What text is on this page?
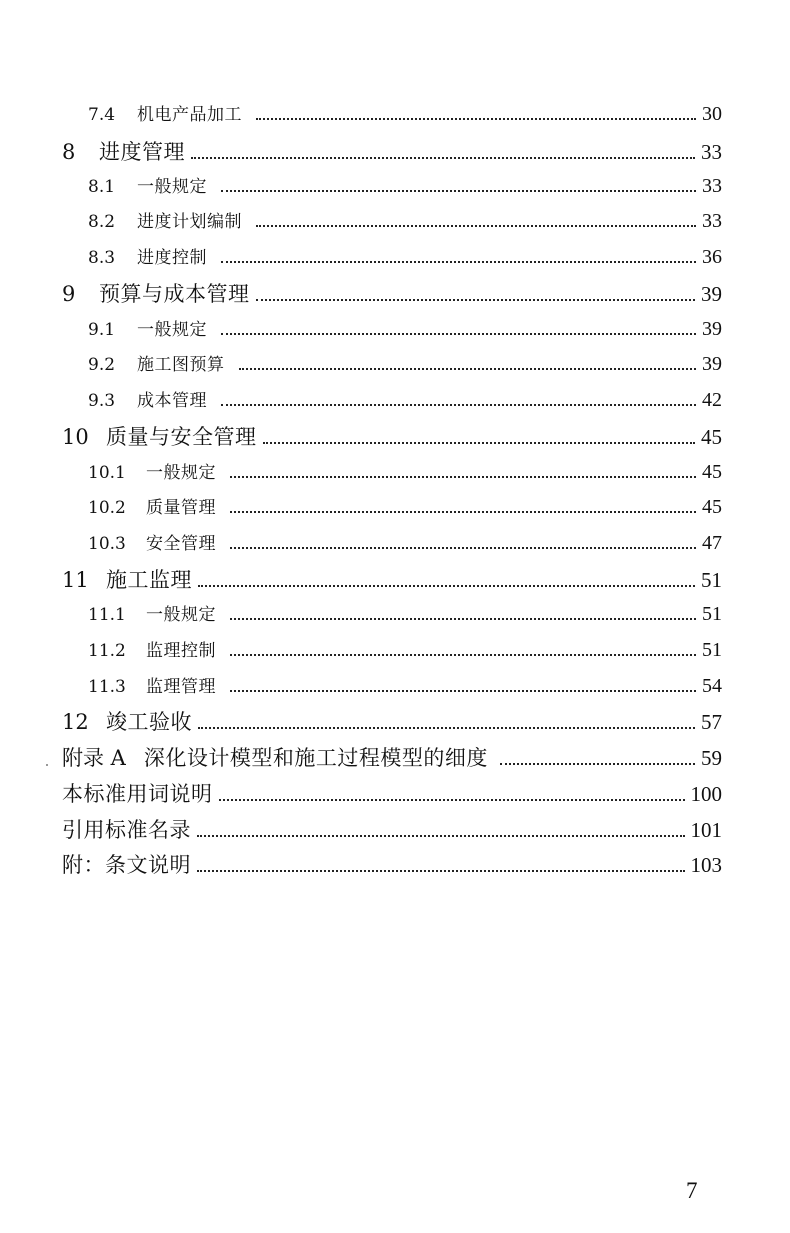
7.4	机电产品加工	30
8	进度管理	33
8.1	一般规定	33
8.2	进度计划编制	33
8.3	进度控制	36
9	预算与成本管理	39
9.1	一般规定	39
9.2	施工图预算	39
9.3	成本管理	42
10 质量与安全管理	45
10.1	一般规定	45
10.2	质量管理	45
10.3	安全管理	47
11 施工监理	51
11.1	一般规定	51
11.2	监理控制	51
11.3	监理管理	54
12 竣工验收	57
附录 A 深化设计模型和施工过程模型的细度	59
本标准用词说明	100
引用标准名录	101
附：条文说明	103
7
